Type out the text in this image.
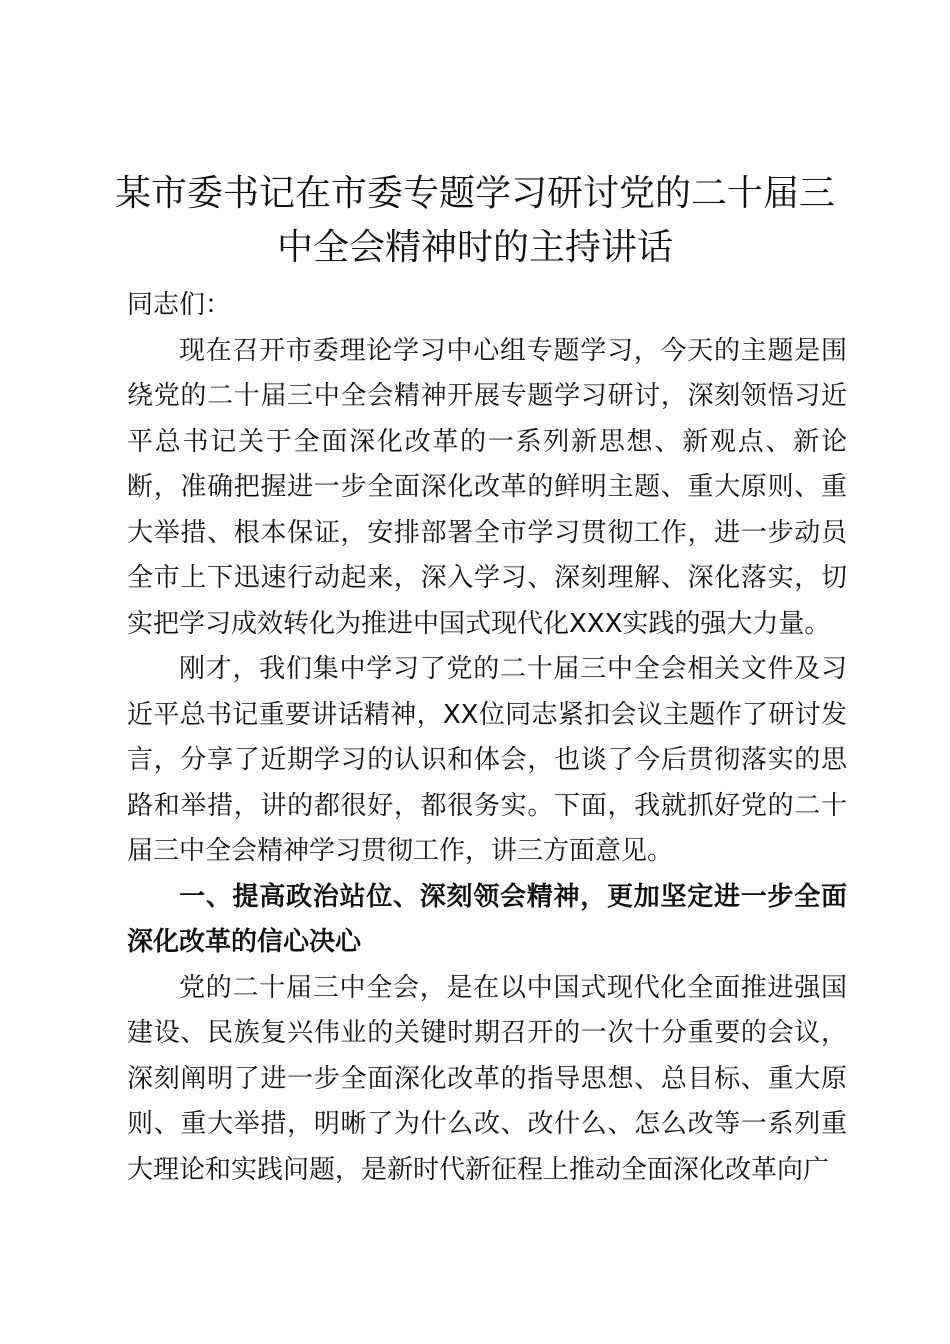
某市委书记在市委专题学习研讨党的二十届三
中全会精神时的主持讲话

同志们：

现在召开市委理论学习中心组专题学习，今天的主题是围绕党的二十届三中全会精神开展专题学习研讨，深刻领悟习近平总书记关于全面深化改革的一系列新思想、新观点、新论断，准确把握进一步全面深化改革的鲜明主题、重大原则、重大举措、根本保证，安排部署全市学习贯彻工作，进一步动员全市上下迅速行动起来，深入学习、深刻理解、深化落实，切实把学习成效转化为推进中国式现代化XXX实践的强大力量。

刚才，我们集中学习了党的二十届三中全会相关文件及习近平总书记重要讲话精神，XX位同志紧扣会议主题作了研讨发言，分享了近期学习的认识和体会，也谈了今后贯彻落实的思路和举措，讲的都很好，都很务实。下面，我就抓好党的二十届三中全会精神学习贯彻工作，讲三方面意见。

一、提高政治站位、深刻领会精神，更加坚定进一步全面深化改革的信心决心

党的二十届三中全会，是在以中国式现代化全面推进强国建设、民族复兴伟业的关键时期召开的一次十分重要的会议，深刻阐明了进一步全面深化改革的指导思想、总目标、重大原则、重大举措，明晰了为什么改、改什么、怎么改等一系列重大理论和实践问题，是新时代新征程上推动全面深化改革向广
